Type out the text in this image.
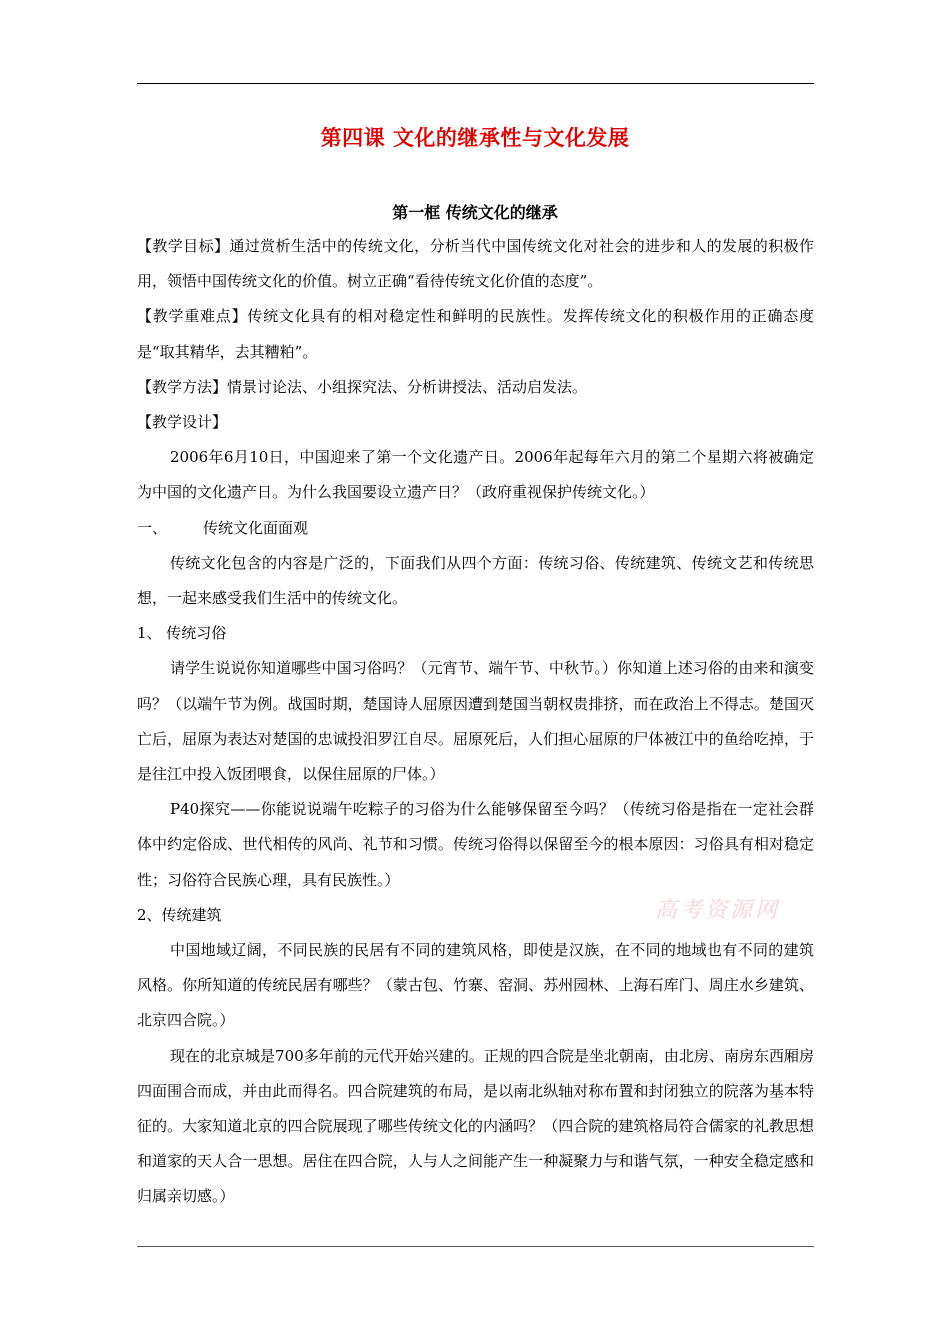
第四课 文化的继承性与文化发展
第一框 传统文化的继承

【教学目标】通过赏析生活中的传统文化，分析当代中国传统文化对社会的进步和人的发展的积极作用，领悟中国传统文化的价值。树立正确“看待传统文化价值的态度”。

【教学重难点】传统文化具有的相对稳定性和鲜明的民族性。发挥传统文化的积极作用的正确态度是“取其精华，去其糟粕”。

【教学方法】情景讨论法、小组探究法、分析讲授法、活动启发法。

【教学设计】

2006年6月10日，中国迎来了第一个文化遗产日。2006年起每年六月的第二个星期六将被确定为中国的文化遗产日。为什么我国要设立遗产日？（政府重视保护传统文化。）

一、 传统文化面面观

传统文化包含的内容是广泛的，下面我们从四个方面：传统习俗、传统建筑、传统文艺和传统思想，一起来感受我们生活中的传统文化。

1、 传统习俗

请学生说说你知道哪些中国习俗吗？（元宵节、端午节、中秋节。）你知道上述习俗的由来和演变吗？（以端午节为例。战国时期，楚国诗人屈原因遭到楚国当朝权贵排挤，而在政治上不得志。楚国灭亡后，屈原为表达对楚国的忠诚投汨罗江自尽。屈原死后，人们担心屈原的尸体被江中的鱼给吃掉，于是往江中投入饭团喂食，以保住屈原的尸体。）

P40探究——你能说说端午吃粽子的习俗为什么能够保留至今吗？（传统习俗是指在一定社会群体中约定俗成、世代相传的风尚、礼节和习惯。传统习俗得以保留至今的根本原因：习俗具有相对稳定性；习俗符合民族心理，具有民族性。）

2、传统建筑

中国地域辽阔，不同民族的民居有不同的建筑风格，即使是汉族，在不同的地域也有不同的建筑风格。你所知道的传统民居有哪些？（蒙古包、竹寨、窑洞、苏州园林、上海石库门、周庄水乡建筑、北京四合院。）

现在的北京城是700多年前的元代开始兴建的。正规的四合院是坐北朝南，由北房、南房东西厢房四面围合而成，并由此而得名。四合院建筑的布局，是以南北纵轴对称布置和封闭独立的院落为基本特征的。大家知道北京的四合院展现了哪些传统文化的内涵吗？（四合院的建筑格局符合儒家的礼教思想和道家的天人合一思想。居住在四合院，人与人之间能产生一种凝聚力与和谐气氛，一种安全稳定感和归属亲切感。）

高考资源网
